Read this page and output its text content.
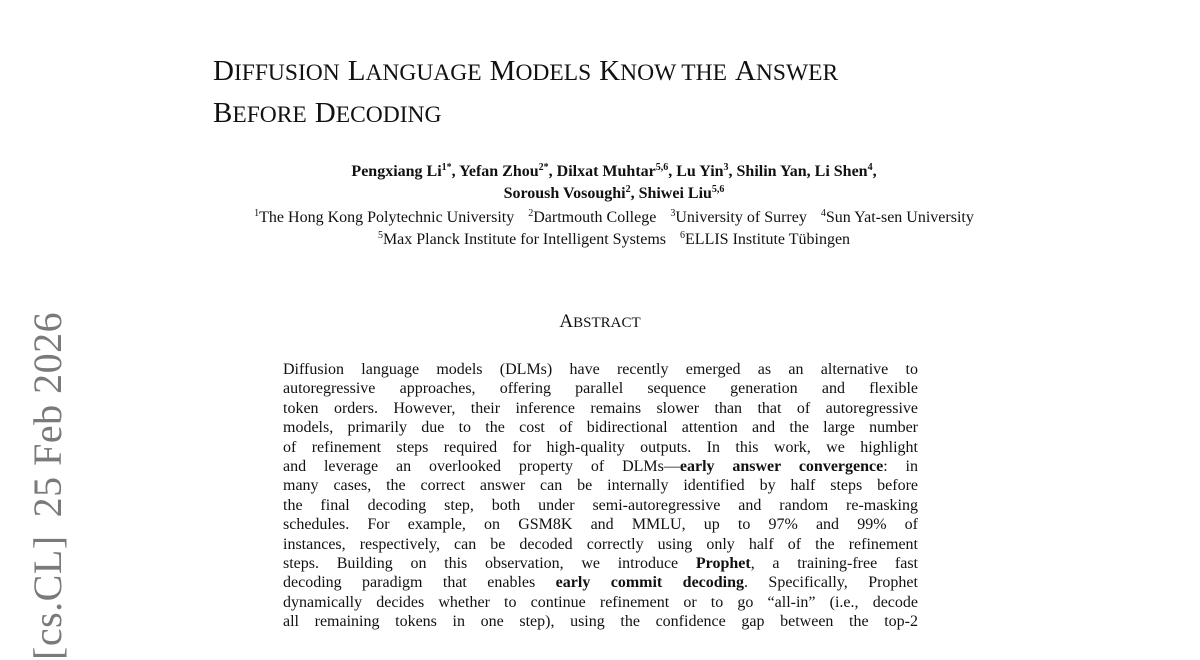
[cs.CL]25 Feb 2026
DIFFUSION LANGUAGE MODELS KNOW THE ANSWER
BEFORE DECODING
Pengxiang $Li^{1*}$, Yefan Zhou$^{2*}$, Dilxat Muhtar$^{5,6}$, Lu Yin$^3$, Shilin Yan, Li Shen$^4$,
Soroush Vosoughi$^2$, Shiwei Liu$^{5,6}$
$^1$The Hong Kong Polytechnic University $^2$Dartmouth College $^3$University of Surrey $^4$Sun Yat-sen University
$^5$Max Planck Institute for Intelligent Systems $^6$ELLIS Institute Tübingen
ABSTRACT
Diffusion language models (DLMs) have recently emerged as an alternative to
autoregressive approaches, offering parallel sequence generation and flexible
token orders. However, their inference remains slower than that of autoregressive
models, primarily due to the cost of bidirectional attention and the large number
of refinement steps required for high-quality outputs. In this work, we highlight
and leverage an overlooked property of DLMs—early answer convergence: in
many cases, the correct answer can be internally identified by half steps before
the final decoding step, both under semi-autoregressive and random re-masking
schedules. For example, on GSM8K and MMLU, up to 97% and 99% of
instances, respectively, can be decoded correctly using only half of the refinement
steps. Building on this observation, we introduce Prophet, a training-free fast
decoding paradigm that enables early commit decoding. Specifically, Prophet
dynamically decides whether to continue refinement or to go “all-in” (i.e., decode
all remaining tokens in one step), using the confidence gap between the top-2
